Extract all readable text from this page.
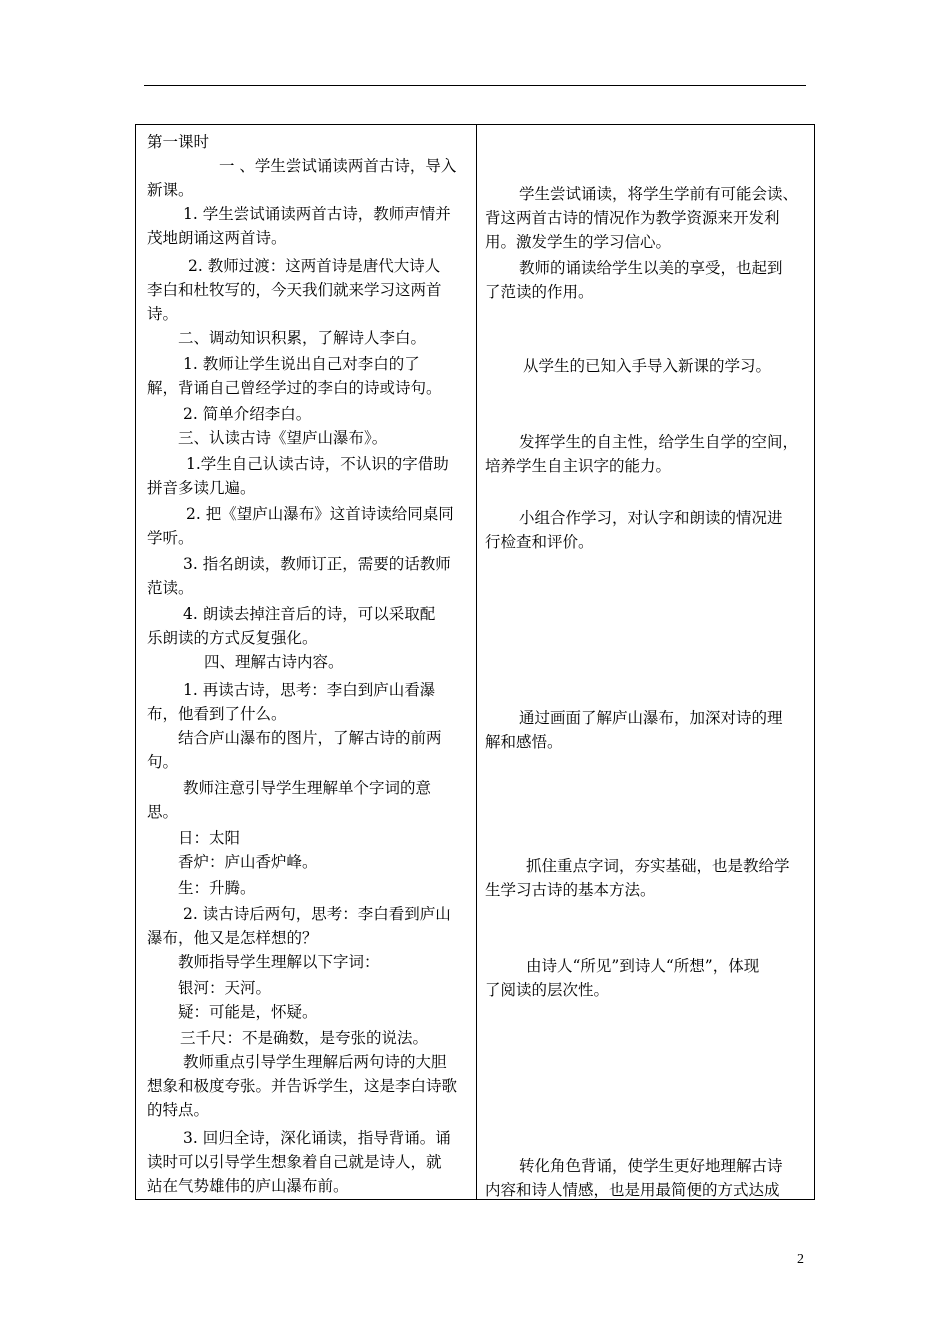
第一课时
一 、学生尝试诵读两首古诗，导入
新课。
1. 学生尝试诵读两首古诗，教师声情并
茂地朗诵这两首诗。
2. 教师过渡：这两首诗是唐代大诗人
李白和杜牧写的，今天我们就来学习这两首
诗。
二、调动知识积累，了解诗人李白。
1. 教师让学生说出自己对李白的了
解，背诵自己曾经学过的李白的诗或诗句。
2. 简单介绍李白。
三、认读古诗《望庐山瀑布》。
1.学生自己认读古诗，不认识的字借助
拼音多读几遍。
2. 把《望庐山瀑布》这首诗读给同桌同
学听。
3. 指名朗读，教师订正，需要的话教师
范读。
4. 朗读去掉注音后的诗，可以采取配
乐朗读的方式反复强化。
四、理解古诗内容。
1. 再读古诗，思考：李白到庐山看瀑
布，他看到了什么。
结合庐山瀑布的图片，了解古诗的前两
句。
教师注意引导学生理解单个字词的意
思。
日：太阳
香炉：庐山香炉峰。
生：升腾。
2. 读古诗后两句，思考：李白看到庐山
瀑布，他又是怎样想的？
教师指导学生理解以下字词：
银河：天河。
疑：可能是，怀疑。
三千尺：不是确数，是夸张的说法。
教师重点引导学生理解后两句诗的大胆
想象和极度夸张。并告诉学生，这是李白诗歌
的特点。
3. 回归全诗，深化诵读，指导背诵。诵
读时可以引导学生想象着自己就是诗人，就
站在气势雄伟的庐山瀑布前。
学生尝试诵读，将学生学前有可能会读、
背这两首古诗的情况作为教学资源来开发利
用。激发学生的学习信心。
教师的诵读给学生以美的享受，也起到
了范读的作用。
从学生的已知入手导入新课的学习。
发挥学生的自主性，给学生自学的空间，
培养学生自主识字的能力。
小组合作学习，对认字和朗读的情况进
行检查和评价。
通过画面了解庐山瀑布，加深对诗的理
解和感悟。
抓住重点字词，夯实基础，也是教给学
生学习古诗的基本方法。
由诗人“所见”到诗人“所想”，体现
了阅读的层次性。
转化角色背诵，使学生更好地理解古诗
内容和诗人情感，也是用最简便的方式达成
2
